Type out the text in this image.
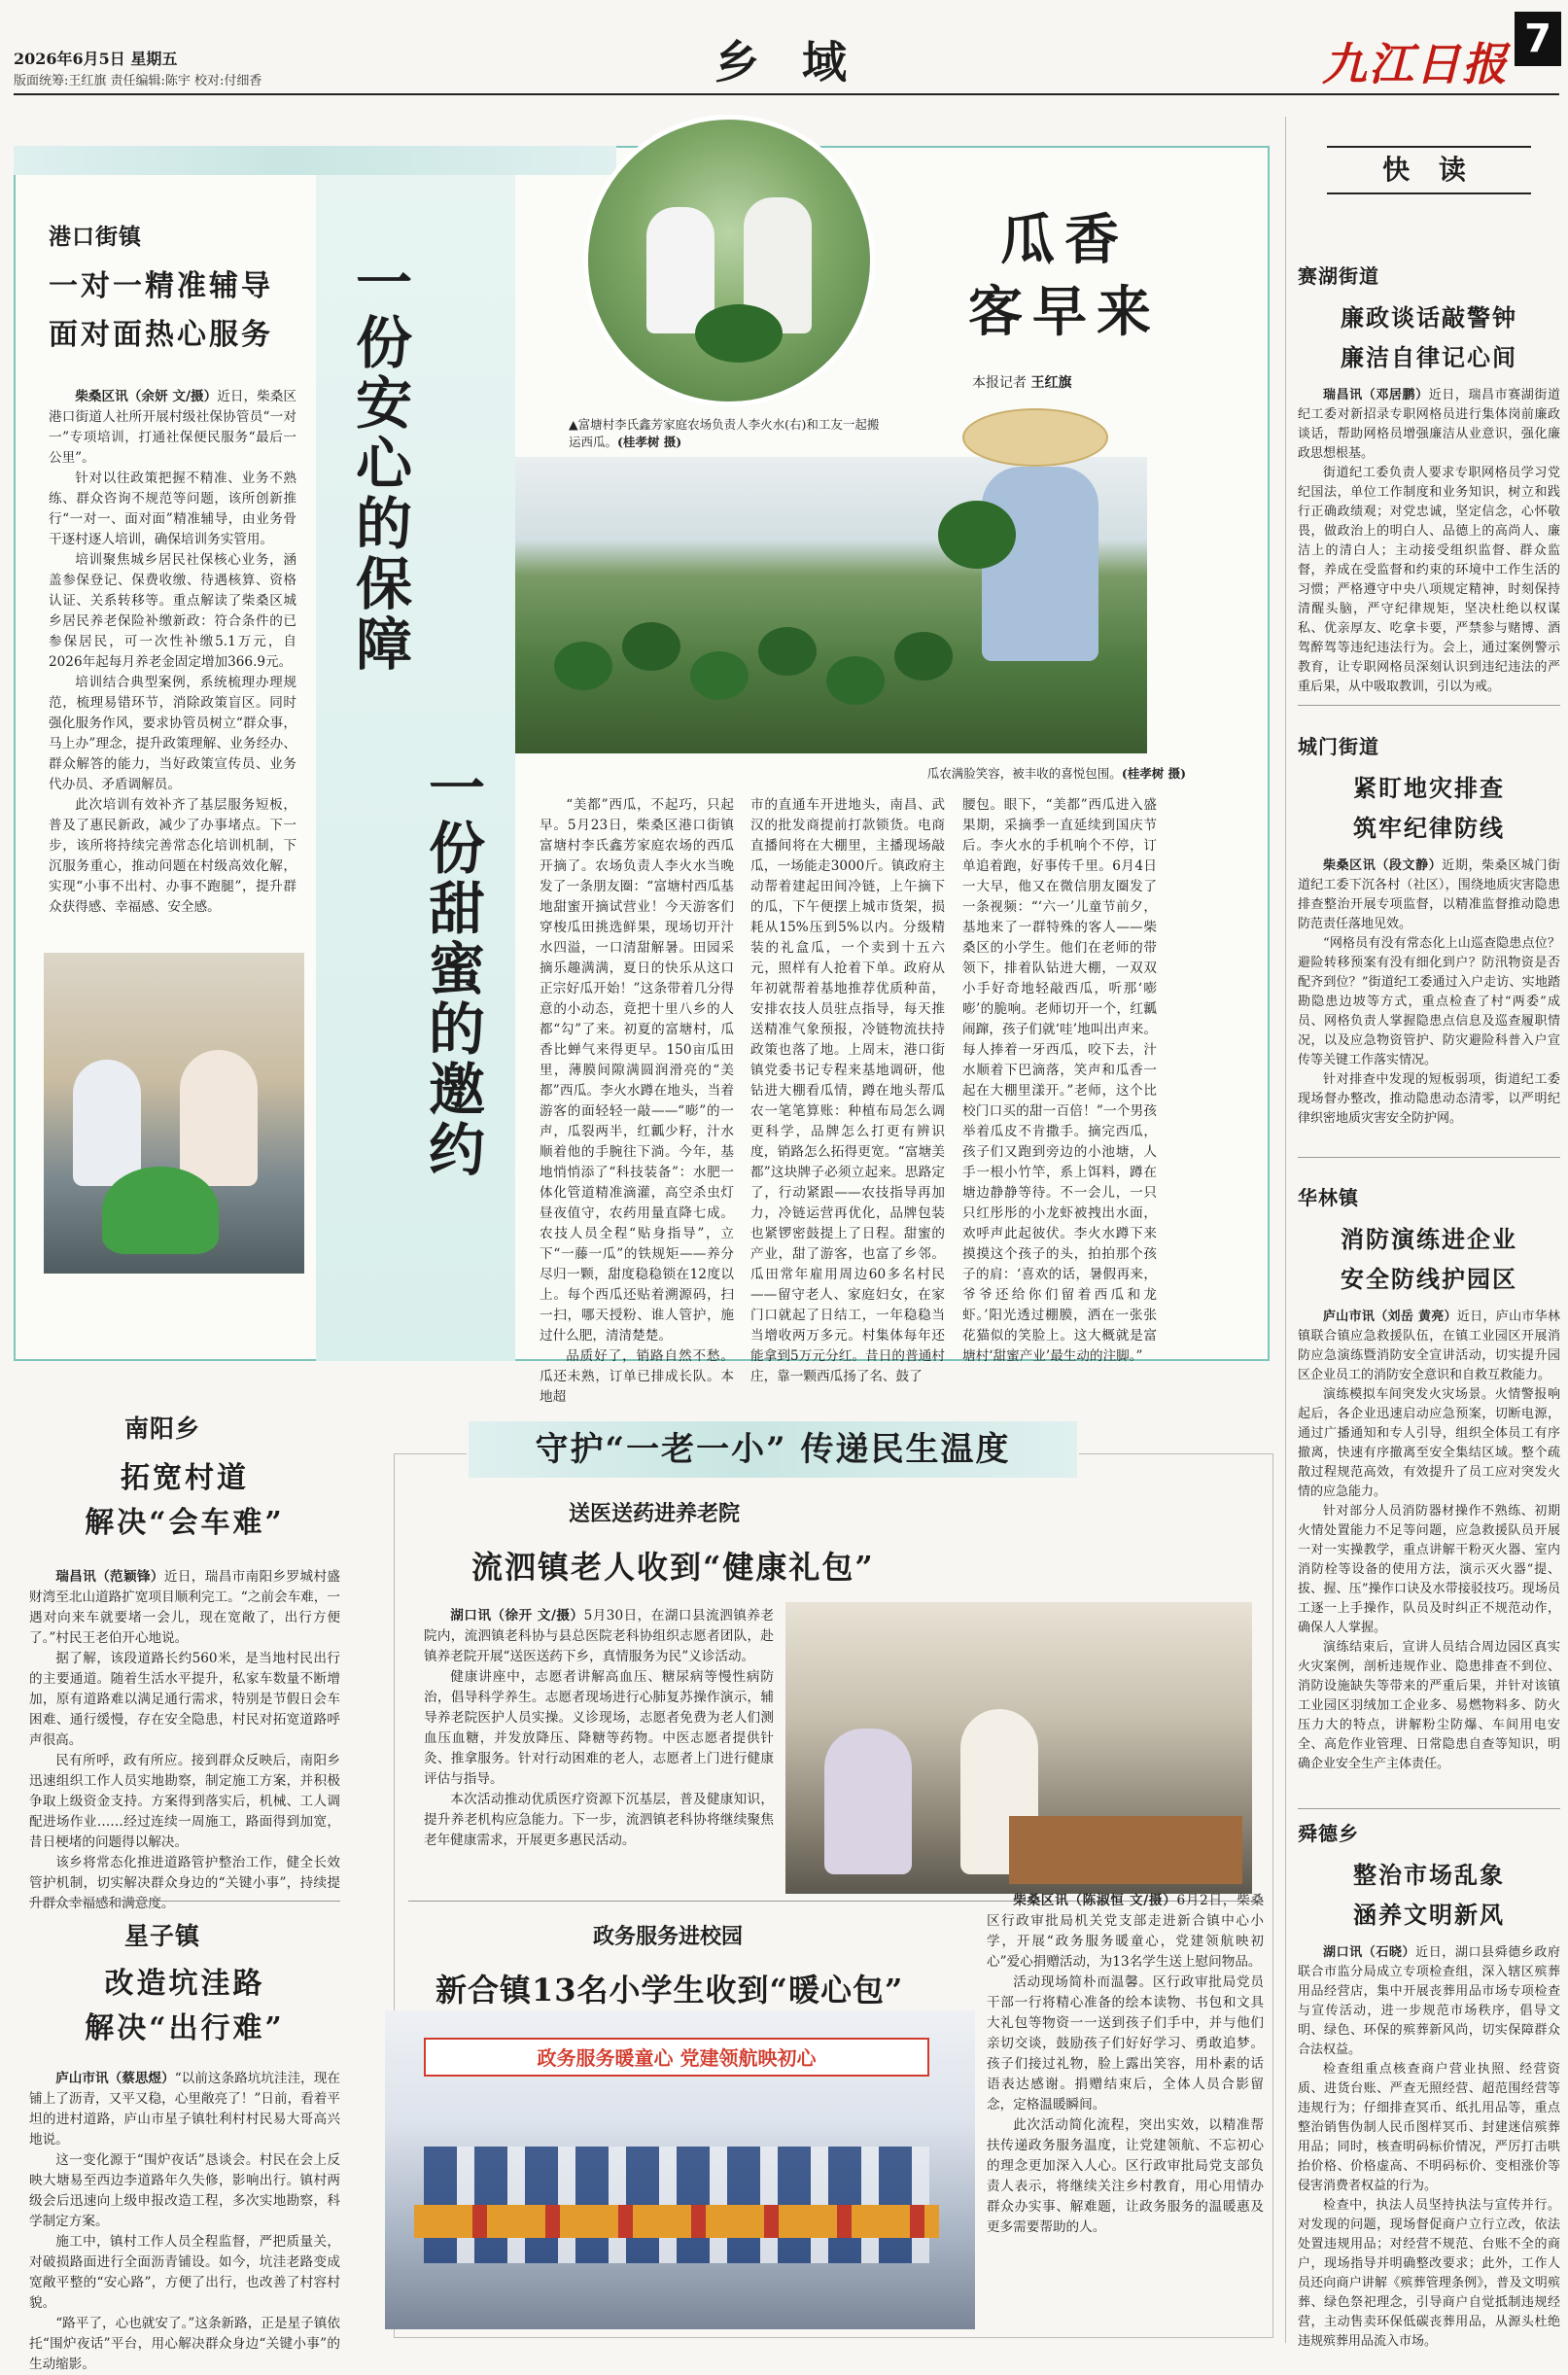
2026年6月5日 星期五
版面统筹:王红旗 责任编辑:陈宇 校对:付细香	乡 域	九江日报 7
港口街镇
一对一精准辅导
面对面热心服务

柴桑区讯（余妍 文/摄）近日，柴桑区港口街道人社所开展村级社保协管员“一对一”专项培训，打通社保便民服务“最后一公里”。

针对以往政策把握不精准、业务不熟练、群众咨询不规范等问题，该所创新推行“一对一、面对面”精准辅导，由业务骨干逐村逐人培训，确保培训务实管用。

培训聚焦城乡居民社保核心业务，涵盖参保登记、保费收缴、待遇核算、资格认证、关系转移等。重点解读了柴桑区城乡居民养老保险补缴新政：符合条件的已参保居民，可一次性补缴5.1万元，自2026年起每月养老金固定增加366.9元。

培训结合典型案例，系统梳理办理规范，梳理易错环节，消除政策盲区。同时强化服务作风，要求协管员树立“群众事，马上办”理念，提升政策理解、业务经办、群众解答的能力，当好政策宣传员、业务代办员、矛盾调解员。

此次培训有效补齐了基层服务短板，普及了惠民新政，减少了办事堵点。下一步，该所将持续完善常态化培训机制，下沉服务重心，推动问题在村级高效化解，实现“小事不出村、办事不跑腿”，提升群众获得感、幸福感、安全感。

一份安心的保障
一份甜蜜的邀约
▲富塘村李氏鑫芳家庭农场负责人李火水(右)和工友一起搬运西瓜。(桂孝树 摄)
瓜香
客早来
本报记者 王红旗
瓜农满脸笑容，被丰收的喜悦包围。(桂孝树 摄)

“美都”西瓜，不起巧，只起早。5月23日，柴桑区港口街镇富塘村李氏鑫芳家庭农场的西瓜开摘了。农场负责人李火水当晚发了一条朋友圈：“富塘村西瓜基地甜蜜开摘试营业！今天游客们穿梭瓜田挑选鲜果，现场切开汁水四溢，一口清甜解暑。田园采摘乐趣满满，夏日的快乐从这口正宗好瓜开始！”这条带着几分得意的小动态，竟把十里八乡的人都“勾”了来。初夏的富塘村，瓜香比蝉气来得更早。150亩瓜田里，薄膜间隙满圆润滑亮的“美都”西瓜。李火水蹲在地头，当着游客的面轻轻一敲——“嘭”的一声，瓜裂两半，红瓤少籽，汁水顺着他的手腕往下淌。今年，基地悄悄添了“科技装备”：水肥一体化管道精准滴灌，高空杀虫灯昼夜值守，农药用量直降七成。农技人员全程“贴身指导”，立下“一藤一瓜”的铁规矩——养分尽归一颗，甜度稳稳锁在12度以上。每个西瓜还贴着溯源码，扫一扫，哪天授粉、谁人管护，施过什么肥，清清楚楚。

品质好了，销路自然不愁。瓜还未熟，订单已排成长队。本地超

市的直通车开进地头，南昌、武汉的批发商提前打款锁货。电商直播间将在大棚里，主播现场敲瓜，一场能走3000斤。镇政府主动帮着建起田间冷链，上午摘下的瓜，下午便摆上城市货架，损耗从15%压到5%以内。分级精装的礼盒瓜，一个卖到十五六元，照样有人抢着下单。政府从年初就帮着基地推荐优质种苗，安排农技人员驻点指导，每天推送精准气象预报，冷链物流扶持政策也落了地。上周末，港口街镇党委书记专程来基地调研，他钻进大棚看瓜情，蹲在地头帮瓜农一笔笔算账：种植布局怎么调更科学，品牌怎么打更有辨识度，销路怎么拓得更宽。“富塘美都”这块牌子必须立起来。思路定了，行动紧跟——农技指导再加力，冷链运营再优化，品牌包装也紧锣密鼓提上了日程。甜蜜的产业，甜了游客，也富了乡邻。瓜田常年雇用周边60多名村民——留守老人、家庭妇女，在家门口就起了日结工，一年稳稳当当增收两万多元。村集体每年还能拿到5万元分红。昔日的普通村庄，靠一颗西瓜扬了名、鼓了

腰包。眼下，“美都”西瓜进入盛果期，采摘季一直延续到国庆节后。李火水的手机响个不停，订单追着跑，好事传千里。6月4日一大早，他又在微信朋友圈发了一条视频：“‘六一’儿童节前夕，基地来了一群特殊的客人——柴桑区的小学生。他们在老师的带领下，排着队钻进大棚，一双双小手好奇地轻敲西瓜，听那‘嘭嘭’的脆响。老师切开一个，红瓤闹蹿，孩子们就‘哇’地叫出声来。每人捧着一牙西瓜，咬下去，汁水顺着下巴滴落，笑声和瓜香一起在大棚里漾开。”老师，这个比校门口买的甜一百倍！”一个男孩举着瓜皮不肯撒手。摘完西瓜，孩子们又跑到旁边的小池塘，人手一根小竹竿，系上饵料，蹲在塘边静静等待。不一会儿，一只只红彤彤的小龙虾被拽出水面，欢呼声此起彼伏。李火水蹲下来摸摸这个孩子的头，拍拍那个孩子的肩：‘喜欢的话，暑假再来，爷爷还给你们留着西瓜和龙虾。’阳光透过棚膜，洒在一张张花猫似的笑脸上。这大概就是富塘村‘甜蜜产业’最生动的注脚。”

南阳乡
拓宽村道
解决“会车难”

瑞昌讯（范颖锋）近日，瑞昌市南阳乡罗城村盛财湾至北山道路扩宽项目顺利完工。“之前会车难，一遇对向来车就要堵一会儿，现在宽敞了，出行方便了。”村民王老伯开心地说。

据了解，该段道路长约560米，是当地村民出行的主要通道。随着生活水平提升，私家车数量不断增加，原有道路难以满足通行需求，特别是节假日会车困难、通行缓慢，存在安全隐患，村民对拓宽道路呼声很高。

民有所呼，政有所应。接到群众反映后，南阳乡迅速组织工作人员实地勘察，制定施工方案，并积极争取上级资金支持。方案得到落实后，机械、工人调配进场作业……经过连续一周施工，路面得到加宽，昔日梗堵的问题得以解决。

该乡将常态化推进道路管护整治工作，健全长效管护机制，切实解决群众身边的“关键小事”，持续提升群众幸福感和满意度。

星子镇
改造坑洼路
解决“出行难”

庐山市讯（蔡思煜）“以前这条路坑坑洼洼，现在铺上了沥青，又平又稳，心里敞亮了！”日前，看着平坦的进村道路，庐山市星子镇牡利村村民易大哥高兴地说。

这一变化源于“围炉夜话”恳谈会。村民在会上反映大塘易至西边李道路年久失修，影响出行。镇村两级会后迅速向上级申报改造工程，多次实地勘察，科学制定方案。

施工中，镇村工作人员全程监督，严把质量关，对破损路面进行全面沥青铺设。如今，坑洼老路变成宽敞平整的“安心路”，方便了出行，也改善了村容村貌。

“路平了，心也就安了。”这条新路，正是星子镇依托“围炉夜话”平台，用心解决群众身边“关键小事”的生动缩影。

守护“一老一小” 传递民生温度
送医送药进养老院
流泗镇老人收到“健康礼包”

湖口讯（徐开 文/摄）5月30日，在湖口县流泗镇养老院内，流泗镇老科协与县总医院老科协组织志愿者团队，赴镇养老院开展“送医送药下乡，真情服务为民”义诊活动。

健康讲座中，志愿者讲解高血压、糖尿病等慢性病防治，倡导科学养生。志愿者现场进行心肺复苏操作演示，辅导养老院医护人员实操。义诊现场，志愿者免费为老人们测血压血糖，并发放降压、降糖等药物。中医志愿者提供针灸、推拿服务。针对行动困难的老人，志愿者上门进行健康评估与指导。

本次活动推动优质医疗资源下沉基层，普及健康知识，提升养老机构应急能力。下一步，流泗镇老科协将继续聚焦老年健康需求，开展更多惠民活动。

政务服务进校园
新合镇13名小学生收到“暖心包”
政务服务暖童心 党建领航映初心

柴桑区讯（陈淑恒 文/摄）6月2日，柴桑区行政审批局机关党支部走进新合镇中心小学，开展“政务服务暖童心，党建领航映初心”爱心捐赠活动，为13名学生送上慰问物品。

活动现场简朴而温馨。区行政审批局党员干部一行将精心准备的绘本读物、书包和文具大礼包等物资一一送到孩子们手中，并与他们亲切交谈，鼓励孩子们好好学习、勇敢追梦。孩子们接过礼物，脸上露出笑容，用朴素的话语表达感谢。捐赠结束后，全体人员合影留念，定格温暖瞬间。

此次活动简化流程，突出实效，以精准帮扶传递政务服务温度，让党建领航、不忘初心的理念更加深入人心。区行政审批局党支部负责人表示，将继续关注乡村教育，用心用情办群众办实事、解难题，让政务服务的温暖惠及更多需要帮助的人。

快 读
赛湖街道
廉政谈话敲警钟
廉洁自律记心间

瑞昌讯（邓居鹏）近日，瑞昌市赛湖街道纪工委对新招录专职网格员进行集体岗前廉政谈话，帮助网格员增强廉洁从业意识，强化廉政思想根基。

街道纪工委负责人要求专职网格员学习党纪国法，单位工作制度和业务知识，树立和践行正确政绩观；对党忠诚，坚定信念，心怀敬畏，做政治上的明白人、品德上的高尚人、廉洁上的清白人；主动接受组织监督、群众监督，养成在受监督和约束的环境中工作生活的习惯；严格遵守中央八项规定精神，时刻保持清醒头脑，严守纪律规矩，坚决杜绝以权谋私、优亲厚友、吃拿卡要，严禁参与赌博、酒驾醉驾等违纪违法行为。会上，通过案例警示教育，让专职网格员深刻认识到违纪违法的严重后果，从中吸取教训，引以为戒。

城门街道
紧盯地灾排查
筑牢纪律防线

柴桑区讯（段文静）近期，柴桑区城门街道纪工委下沉各村（社区），围绕地质灾害隐患排查整治开展专项监督，以精准监督推动隐患防范责任落地见效。

“网格员有没有常态化上山巡查隐患点位？避险转移预案有没有细化到户？防汛物资是否配齐到位？”街道纪工委通过入户走访、实地踏勘隐患边坡等方式，重点检查了村“两委”成员、网格负责人掌握隐患点信息及巡查履职情况，以及应急物资管护、防灾避险科普入户宣传等关键工作落实情况。

针对排查中发现的短板弱项，街道纪工委现场督办整改，推动隐患动态清零，以严明纪律织密地质灾害安全防护网。

华林镇
消防演练进企业
安全防线护园区

庐山市讯（刘岳 黄亮）近日，庐山市华林镇联合镇应急救援队伍，在镇工业园区开展消防应急演练暨消防安全宣讲活动，切实提升园区企业员工的消防安全意识和自救互救能力。

演练模拟车间突发火灾场景。火情警报响起后，各企业迅速启动应急预案，切断电源，通过广播通知和专人引导，组织全体员工有序撤离，快速有序撤离至安全集结区域。整个疏散过程规范高效，有效提升了员工应对突发火情的应急能力。

针对部分人员消防器材操作不熟练、初期火情处置能力不足等问题，应急救援队员开展一对一实操教学，重点讲解干粉灭火器、室内消防栓等设备的使用方法，演示灭火器“提、拔、握、压”操作口诀及水带接驳技巧。现场员工逐一上手操作，队员及时纠正不规范动作，确保人人掌握。

演练结束后，宣讲人员结合周边园区真实火灾案例，剖析违规作业、隐患排查不到位、消防设施缺失等带来的严重后果，并针对该镇工业园区羽绒加工企业多、易燃物料多、防火压力大的特点，讲解粉尘防爆、车间用电安全、高危作业管理、日常隐患自查等知识，明确企业安全生产主体责任。

舜德乡
整治市场乱象
涵养文明新风

湖口讯（石晓）近日，湖口县舜德乡政府联合市监分局成立专项检查组，深入辖区殡葬用品经营店，集中开展丧葬用品市场专项检查与宣传活动，进一步规范市场秩序，倡导文明、绿色、环保的殡葬新风尚，切实保障群众合法权益。

检查组重点核查商户营业执照、经营资质、进货台账、严查无照经营、超范围经营等违规行为；仔细排查冥币、纸扎用品等，重点整治销售伪制人民币图样冥币、封建迷信殡葬用品；同时，核查明码标价情况，严厉打击哄抬价格、价格虚高、不明码标价、变相涨价等侵害消费者权益的行为。

检查中，执法人员坚持执法与宣传并行。对发现的问题，现场督促商户立行立改，依法处置违规用品；对经营不规范、台账不全的商户，现场指导并明确整改要求；此外，工作人员还向商户讲解《殡葬管理条例》，普及文明殡葬、绿色祭祀理念，引导商户自觉抵制违规经营，主动售卖环保低碳丧葬用品，从源头杜绝违规殡葬用品流入市场。
